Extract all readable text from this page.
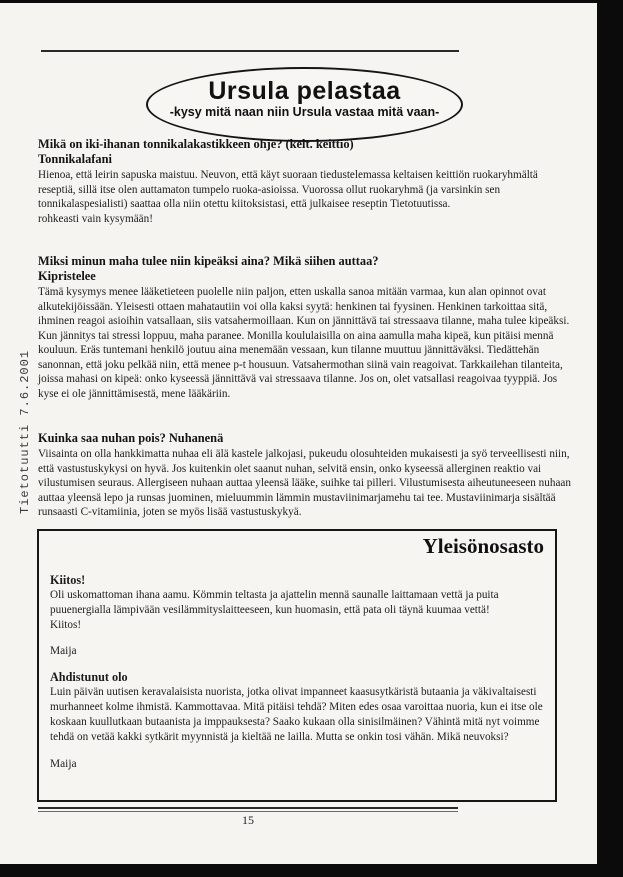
Ursula pelastaa
-kysy mitä naan niin Ursula vastaa mitä vaan-
Tietotuutti 7.6.2001
Mikä on iki-ihanan tonnikalakastikkeen ohje? (kelt. keittiö)
Tonnikalafani

Hienoa, että leirin sapuska maistuu. Neuvon, että käyt suoraan tiedustelemassa keltaisen keittiön ruokaryhmältä reseptiä, sillä itse olen auttamaton tumpelo ruoka-asioissa. Vuorossa ollut ruokaryhmä (ja varsinkin sen tonnikalaspesialisti) saattaa olla niin otettu kiitoksistasi, että julkaisee reseptin Tietotuutissa.

rohkeasti vain kysymään!

Miksi minun maha tulee niin kipeäksi aina? Mikä siihen auttaa?
Kipristelee

Tämä kysymys menee lääketieteen puolelle niin paljon, etten uskalla sanoa mitään varmaa, kun alan opinnot ovat alkutekijöissään. Yleisesti ottaen mahatautiin voi olla kaksi syytä: henkinen tai fyysinen. Henkinen tarkoittaa sitä, ihminen reagoi asioihin vatsallaan, siis vatsahermoillaan. Kun on jännittävä tai stressaava tilanne, maha tulee kipeäksi. Kun jännitys tai stressi loppuu, maha paranee. Monilla koululaisilla on aina aamulla maha kipeä, kun pitäisi mennä kouluun. Eräs tuntemani henkilö joutuu aina menemään vessaan, kun tilanne muuttuu jännittäväksi. Tiedättehän sanonnan, että joku pelkää niin, että menee p-t housuun. Vatsahermothan siinä vain reagoivat. Tarkkailehan tilanteita, joissa mahasi on kipeä: onko kyseessä jännittävä vai stressaava tilanne. Jos on, olet vatsallasi reagoivaa tyyppiä. Jos kyse ei ole jännittämisestä, mene lääkäriin.

Kuinka saa nuhan pois? Nuhanenä

Viisainta on olla hankkimatta nuhaa eli älä kastele jalkojasi, pukeudu olosuhteiden mukaisesti ja syö terveellisesti niin, että vastustuskykysi on hyvä. Jos kuitenkin olet saanut nuhan, selvitä ensin, onko kyseessä allerginen reaktio vai vilustumisen seuraus. Allergiseen nuhaan auttaa yleensä lääke, suihke tai pilleri. Vilustumisesta aiheutuneeseen nuhaan auttaa yleensä lepo ja runsas juominen, mieluummin lämmin mustaviinimarjamehu tai tee. Mustaviinimarja sisältää runsaasti C-vitamiinia, joten se myös lisää vastustuskykyä.

Yleisönosasto
Kiitos!

Oli uskomattoman ihana aamu. Kömmin teltasta ja ajattelin mennä saunalle laittamaan vettä ja puita puuenergialla lämpivään vesilämmityslaitteeseen, kun huomasin, että pata oli täynä kuumaa vettä!

Kiitos!

Maija
Ahdistunut olo

Luin päivän uutisen keravalaisista nuorista, jotka olivat impanneet kaasusytkäristä butaania ja väkivaltaisesti murhanneet kolme ihmistä. Kammottavaa. Mitä pitäisi tehdä? Miten edes osaa varoittaa nuoria, kun ei itse ole koskaan kuullutkaan butaanista ja imppauksesta? Saako kukaan olla sinisilmäinen? Vähintä mitä nyt voimme tehdä on vetää kakki sytkärit myynnistä ja kieltää ne lailla. Mutta se onkin tosi vähän. Mikä neuvoksi?

Maija
15
